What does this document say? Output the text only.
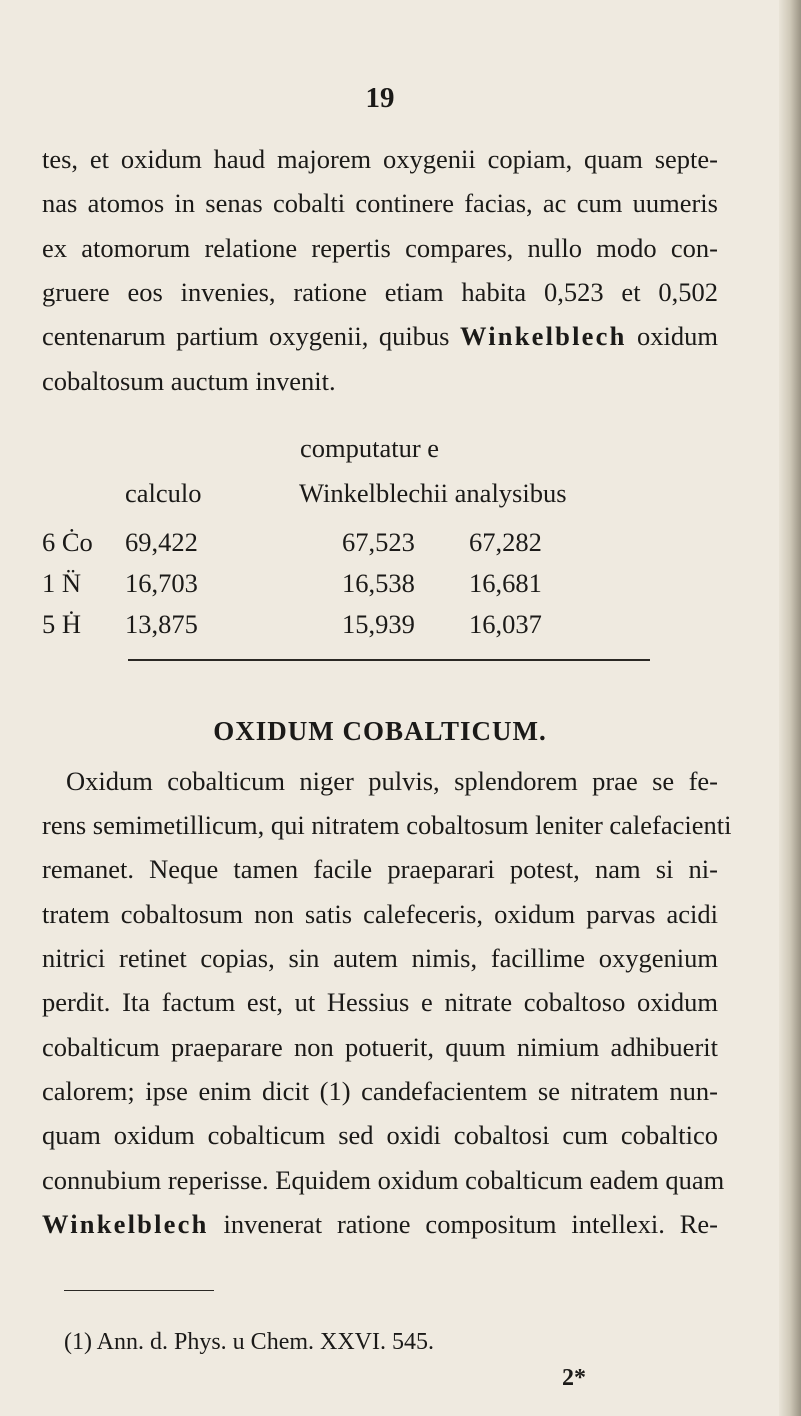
19
tes, et oxidum haud majorem oxygenii copiam, quam septe-
nas atomos in senas cobalti continere facias, ac cum uumeris
ex atomorum relatione repertis compares, nullo modo con-
gruere eos invenies, ratione etiam habita 0,523 et 0,502
centenarum partium oxygenii, quibus Winkelblech oxidum
cobaltosum auctum invenit.
computatur e
calculo	Winkelblechii analysibus
6 Ċo 69,422	67,523 67,282
1 N̈ 16,703	16,538 16,681
5 Ḣ 13,875	15,939 16,037
OXIDUM COBALTICUM.
Oxidum cobalticum niger pulvis, splendorem prae se fe-
rens semimetillicum, qui nitratem cobaltosum leniter calefacienti
remanet. Neque tamen facile praeparari potest, nam si ni-
tratem cobaltosum non satis calefeceris, oxidum parvas acidi
nitrici retinet copias, sin autem nimis, facillime oxygenium
perdit. Ita factum est, ut Hessius e nitrate cobaltoso oxidum
cobalticum praeparare non potuerit, quum nimium adhibuerit
calorem; ipse enim dicit (1) candefacientem se nitratem nun-
quam oxidum cobalticum sed oxidi cobaltosi cum cobaltico
connubium reperisse. Equidem oxidum cobalticum eadem quam
Winkelblech invenerat ratione compositum intellexi. Re-
(1) Ann. d. Phys. u Chem. XXVI. 545.
2*
